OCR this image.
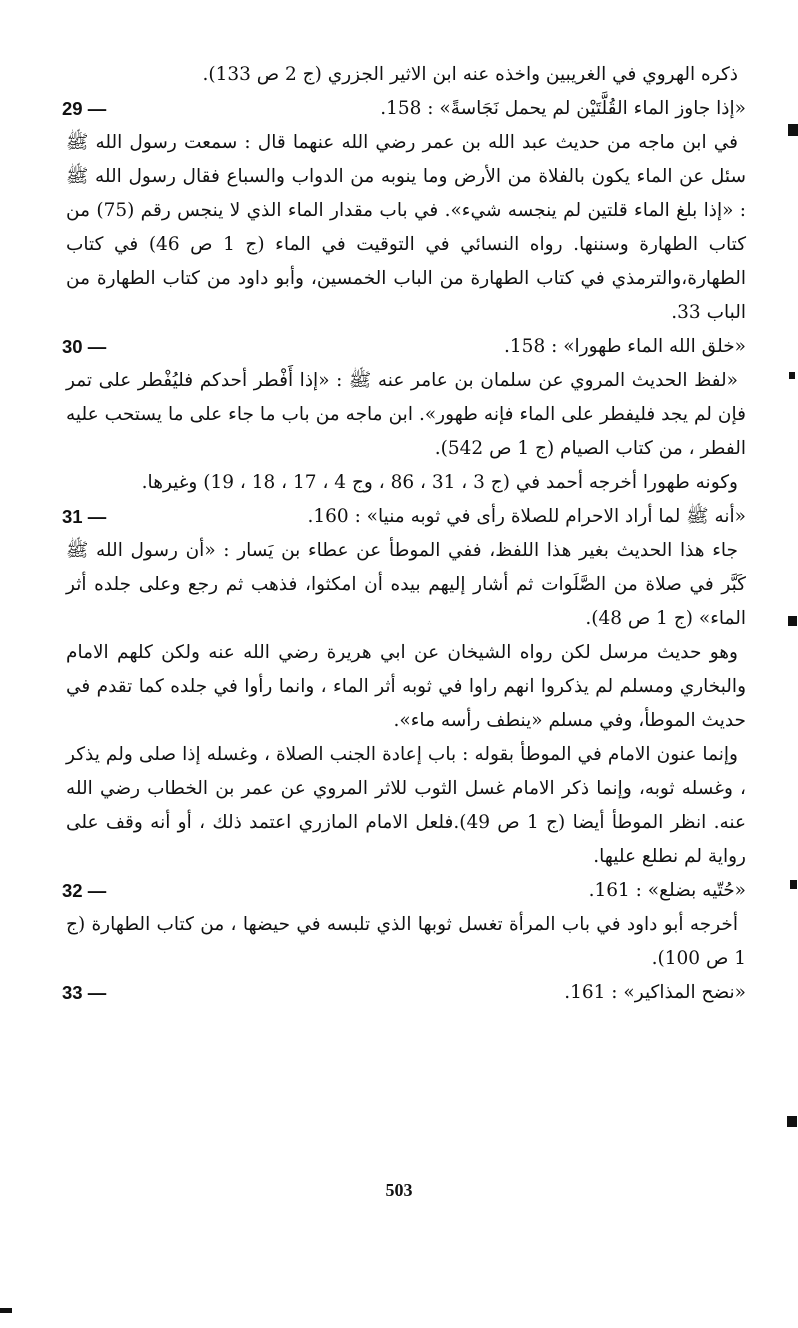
ذكره الهروي في الغريبين واخذه عنه ابن الاثير الجزري (ج 2 ص 133).

29 —	«إذا جاوز الماء القُلَّتَيْن لم يحمل نَجَاسةً» : 158.

في ابن ماجه من حديث عبد الله بن عمر رضي الله عنهما قال : سمعت رسول الله ﷺ سئل عن الماء يكون بالفلاة من الأرض وما ينوبه من الدواب والسباع فقال رسول الله ﷺ : «إذا بلغ الماء قلتين لم ينجسه شيء». في باب مقدار الماء الذي لا ينجس رقم (75) من كتاب الطهارة وسننها. رواه النسائي في التوقيت في الماء (ج 1 ص 46) في كتاب الطهارة،والترمذي في كتاب الطهارة من الباب الخمسين، وأبو داود من كتاب الطهارة من الباب 33.

30 —	«خلق الله الماء طهورا» : 158.

«لفظ الحديث المروي عن سلمان بن عامر عنه ﷺ : «إذا أَفْطر أحدكم فليُفْطر على تمر فإن لم يجد فليفطر على الماء فإنه طهور». ابن ماجه من باب ما جاء على ما يستحب عليه الفطر ، من كتاب الصيام (ج 1 ص 542).

وكونه طهورا أخرجه أحمد في (ج 3 ، 31 ، 86 ، وج 4 ، 17 ، 18 ، 19) وغيرها.

31 —	«أنه ﷺ لما أراد الاحرام للصلاة رأى في ثوبه منيا» : 160.

جاء هذا الحديث بغير هذا اللفظ، ففي الموطأ عن عطاء بن يَسار : «أن رسول الله ﷺ كَبَّر في صلاة من الصَّلَوات ثم أشار إليهم بيده أن امكثوا، فذهب ثم رجع وعلى جلده أثر الماء» (ج 1 ص 48).

وهو حديث مرسل لكن رواه الشيخان عن ابي هريرة رضي الله عنه ولكن كلهم الامام والبخاري ومسلم لم يذكروا انهم راوا في ثوبه أثر الماء ، وانما رأوا في جلده كما تقدم في حديث الموطأ، وفي مسلم «ينطف رأسه ماء».

وإنما عنون الامام في الموطأ بقوله : باب إعادة الجنب الصلاة ، وغسله إذا صلى ولم يذكر ، وغسله ثوبه، وإنما ذكر الامام غسل الثوب للاثر المروي عن عمر بن الخطاب رضي الله عنه. انظر الموطأ أيضا (ج 1 ص 49).فلعل الامام المازري اعتمد ذلك ، أو أنه وقف على رواية لم نطلع عليها.

32 —	«حُتّيه بضلع» : 161.

أخرجه أبو داود في باب المرأة تغسل ثوبها الذي تلبسه في حيضها ، من كتاب الطهارة (ج 1 ص 100).

33 —	«نضح المذاكير» : 161.
503
